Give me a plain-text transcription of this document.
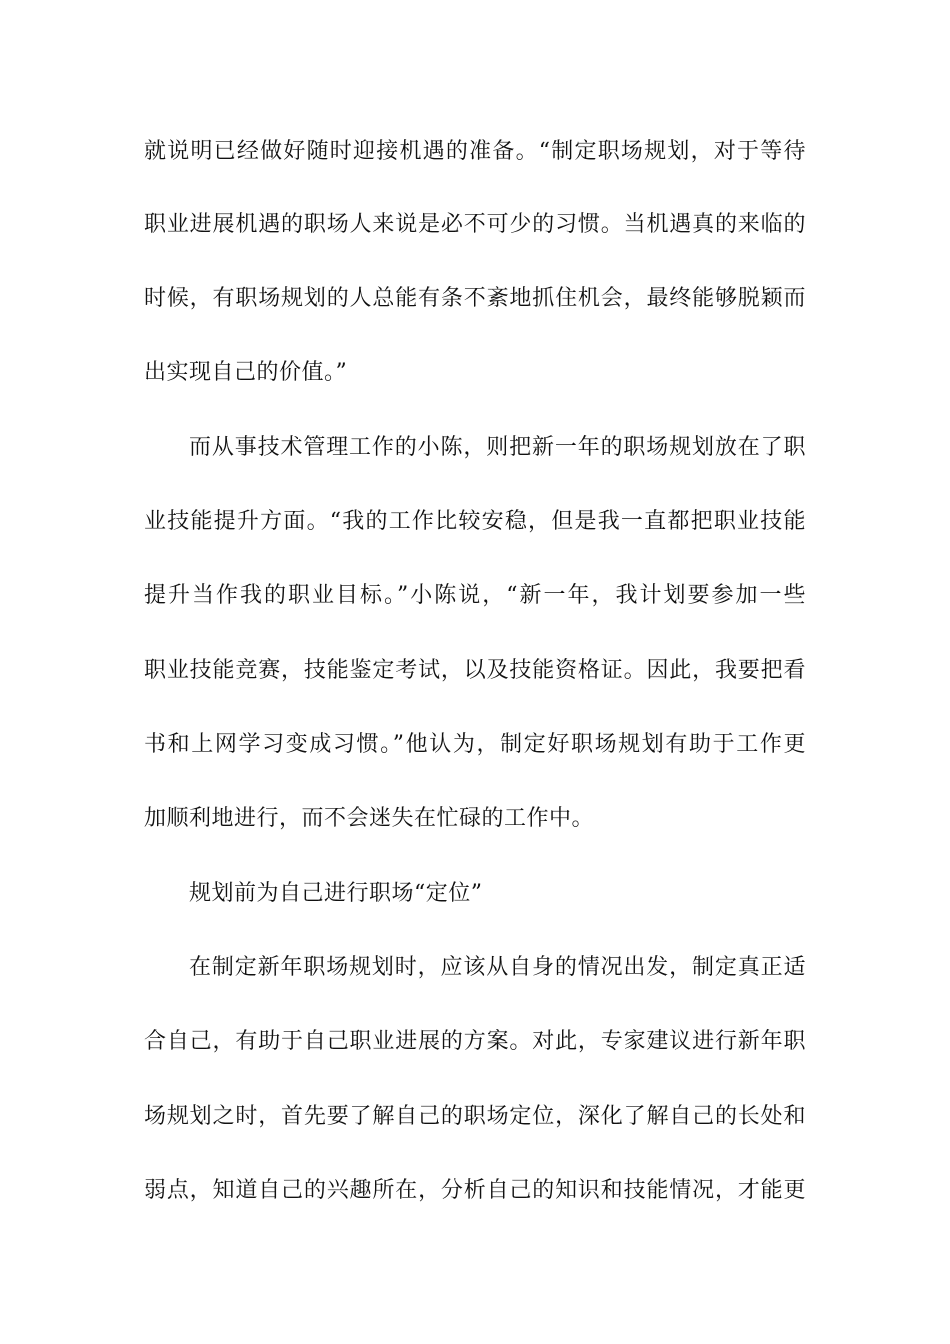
就说明已经做好随时迎接机遇的准备。“制定职场规划，对于等待
职业进展机遇的职场人来说是必不可少的习惯。当机遇真的来临的
时候，有职场规划的人总能有条不紊地抓住机会，最终能够脱颖而
出实现自己的价值。”
而从事技术管理工作的小陈，则把新一年的职场规划放在了职
业技能提升方面。“我的工作比较安稳，但是我一直都把职业技能
提升当作我的职业目标。”小陈说，“新一年，我计划要参加一些
职业技能竞赛，技能鉴定考试，以及技能资格证。因此，我要把看
书和上网学习变成习惯。”他认为，制定好职场规划有助于工作更
加顺利地进行，而不会迷失在忙碌的工作中。
规划前为自己进行职场“定位”
在制定新年职场规划时，应该从自身的情况出发，制定真正适
合自己，有助于自己职业进展的方案。对此，专家建议进行新年职
场规划之时，首先要了解自己的职场定位，深化了解自己的长处和
弱点，知道自己的兴趣所在，分析自己的知识和技能情况，才能更
